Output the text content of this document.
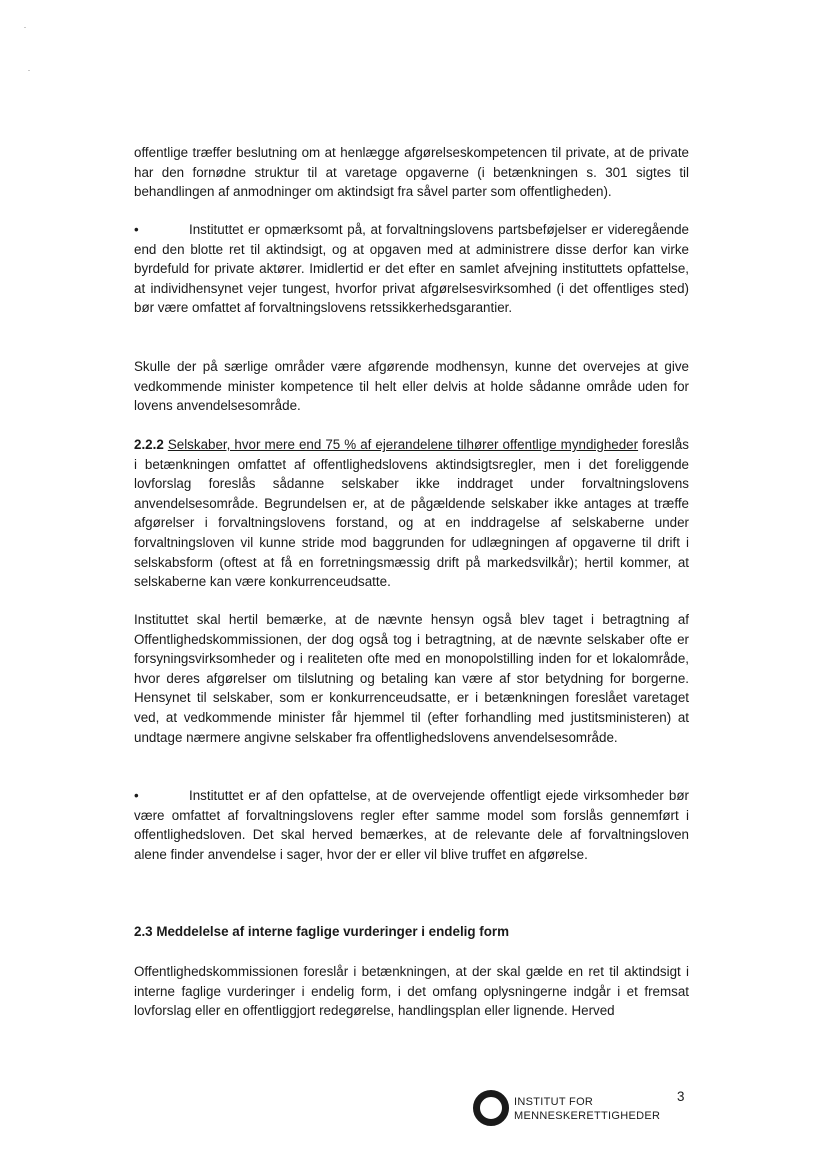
offentlige træffer beslutning om at henlægge afgørelseskompetencen til private, at de private har den fornødne struktur til at varetage opgaverne (i betænkningen s. 301 sigtes til behandlingen af anmodninger om aktindsigt fra såvel parter som offentligheden).

•	Instituttet er opmærksomt på, at forvaltningslovens partsbeføjelser er videregående end den blotte ret til aktindsigt, og at opgaven med at administrere disse derfor kan virke byrdefuld for private aktører. Imidlertid er det efter en samlet afvejning instituttets opfattelse, at individhensynet vejer tungest, hvorfor privat afgørelsesvirksomhed (i det offentliges sted) bør være omfattet af forvaltningslovens retssikkerhedsgarantier.

Skulle der på særlige områder være afgørende modhensyn, kunne det overvejes at give vedkommende minister kompetence til helt eller delvis at holde sådanne område uden for lovens anvendelsesområde.

2.2.2 Selskaber, hvor mere end 75 % af ejerandelene tilhører offentlige myndigheder foreslås i betænkningen omfattet af offentlighedslovens aktindsigtsregler, men i det foreliggende lovforslag foreslås sådanne selskaber ikke inddraget under forvaltningslovens anvendelsesområde. Begrundelsen er, at de pågældende selskaber ikke antages at træffe afgørelser i forvaltningslovens forstand, og at en inddragelse af selskaberne under forvaltningsloven vil kunne stride mod baggrunden for udlægningen af opgaverne til drift i selskabsform (oftest at få en forretningsmæssig drift på markedsvilkår); hertil kommer, at selskaberne kan være konkurrenceudsatte.

Instituttet skal hertil bemærke, at de nævnte hensyn også blev taget i betragtning af Offentlighedskommissionen, der dog også tog i betragtning, at de nævnte selskaber ofte er forsyningsvirksomheder og i realiteten ofte med en monopolstilling inden for et lokalområde, hvor deres afgørelser om tilslutning og betaling kan være af stor betydning for borgerne. Hensynet til selskaber, som er konkurrenceudsatte, er i betænkningen foreslået varetaget ved, at vedkommende minister får hjemmel til (efter forhandling med justitsministeren) at undtage nærmere angivne selskaber fra offentlighedslovens anvendelsesområde.

•	Instituttet er af den opfattelse, at de overvejende offentligt ejede virksomheder bør være omfattet af forvaltningslovens regler efter samme model som forslås gennemført i offentlighedsloven. Det skal herved bemærkes, at de relevante dele af forvaltningsloven alene finder anvendelse i sager, hvor der er eller vil blive truffet en afgørelse.

2.3 Meddelelse af interne faglige vurderinger i endelig form

Offentlighedskommissionen foreslår i betænkningen, at der skal gælde en ret til aktindsigt i interne faglige vurderinger i endelig form, i det omfang oplysningerne indgår i et fremsat lovforslag eller en offentliggjort redegørelse, handlingsplan eller lignende. Herved

INSTITUT FOR
MENNESKERETTIGHEDER
3
